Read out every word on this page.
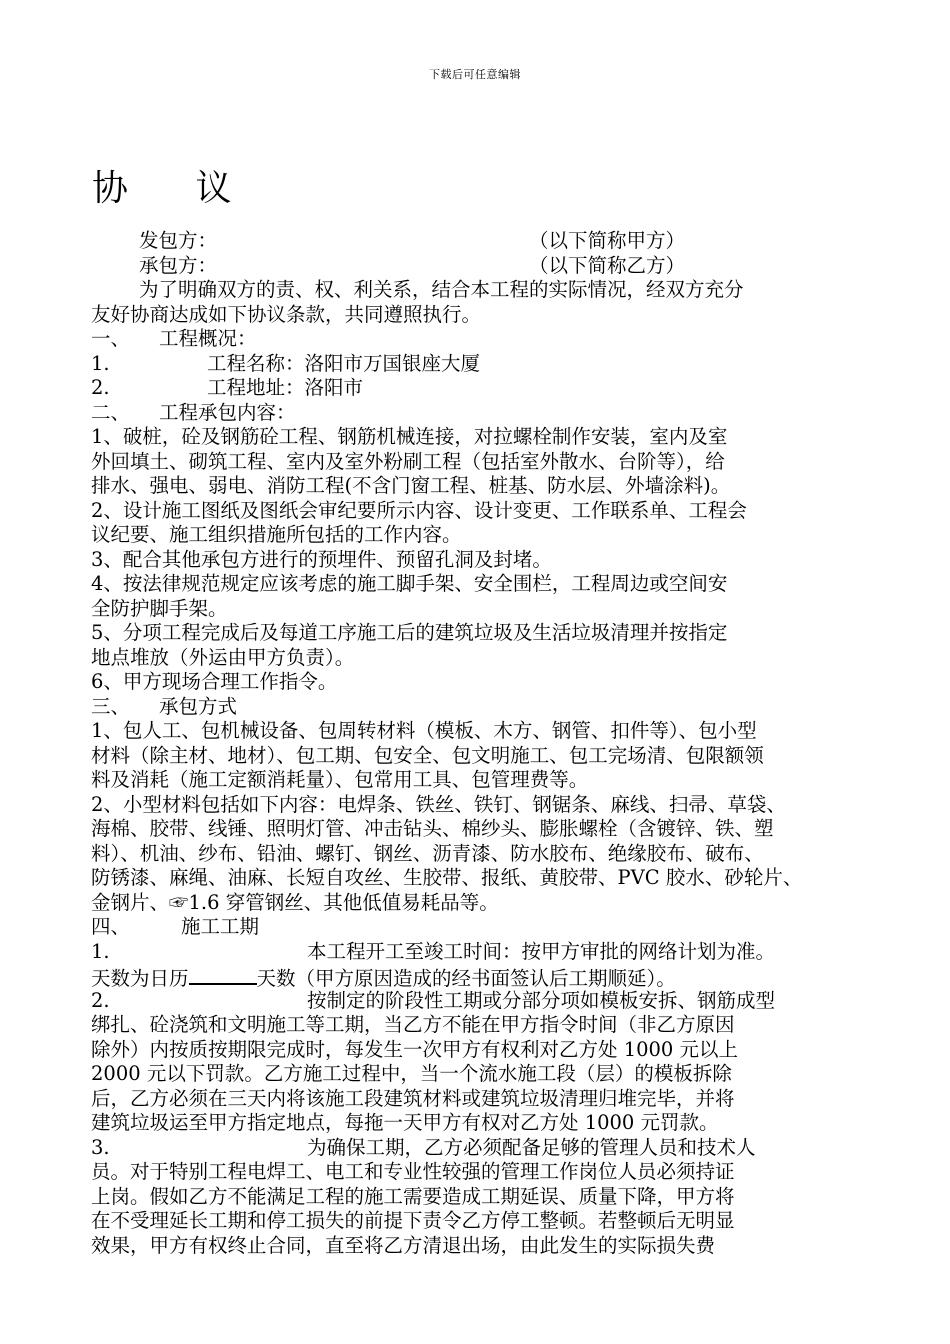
下载后可任意编辑
协 议
发包方：	（以下简称甲方）
承包方：	（以下简称乙方）
为了明确双方的责、权、利关系，结合本工程的实际情况，经双方充分
友好协商达成如下协议条款，共同遵照执行。
一、 工程概况：
1.	工程名称：洛阳市万国银座大厦
2.	工程地址：洛阳市
二、 工程承包内容：
1、破桩，砼及钢筋砼工程、钢筋机械连接，对拉螺栓制作安装，室内及室
外回填土、砌筑工程、室内及室外粉刷工程（包括室外散水、台阶等），给
排水、强电、弱电、消防工程(不含门窗工程、桩基、防水层、外墙涂料)。
2、设计施工图纸及图纸会审纪要所示内容、设计变更、工作联系单、工程会
议纪要、施工组织措施所包括的工作内容。
3、配合其他承包方进行的预埋件、预留孔洞及封堵。
4、按法律规范规定应该考虑的施工脚手架、安全围栏，工程周边或空间安
全防护脚手架。
5、分项工程完成后及每道工序施工后的建筑垃圾及生活垃圾清理并按指定
地点堆放（外运由甲方负责）。
6、甲方现场合理工作指令。
三、 承包方式
1、包人工、包机械设备、包周转材料（模板、木方、钢管、扣件等）、包小型
材料（除主材、地材）、包工期、包安全、包文明施工、包工完场清、包限额领
料及消耗（施工定额消耗量）、包常用工具、包管理费等。
2、小型材料包括如下内容：电焊条、铁丝、铁钉、钢锯条、麻线、扫帚、草袋、
海棉、胶带、线锤、照明灯管、冲击钻头、棉纱头、膨胀螺栓（含镀锌、铁、塑
料）、机油、纱布、铅油、螺钉、钢丝、沥青漆、防水胶布、绝缘胶布、破布、
防锈漆、麻绳、油麻、长短自攻丝、生胶带、报纸、黄胶带、PVC 胶水、砂轮片、
金钢片、☞1.6 穿管钢丝、其他低值易耗品等。
四、	施工工期
1.	本工程开工至竣工时间：按甲方审批的网络计划为准。
天数为日历	天数（甲方原因造成的经书面签认后工期顺延）。
2.	按制定的阶段性工期或分部分项如模板安拆、钢筋成型
绑扎、砼浇筑和文明施工等工期，当乙方不能在甲方指令时间（非乙方原因
除外）内按质按期限完成时，每发生一次甲方有权利对乙方处 1000 元以上
2000 元以下罚款。乙方施工过程中，当一个流水施工段（层）的模板拆除
后，乙方必须在三天内将该施工段建筑材料或建筑垃圾清理归堆完毕，并将
建筑垃圾运至甲方指定地点，每拖一天甲方有权对乙方处 1000 元罚款。
3.	为确保工期，乙方必须配备足够的管理人员和技术人
员。对于特别工程电焊工、电工和专业性较强的管理工作岗位人员必须持证
上岗。假如乙方不能满足工程的施工需要造成工期延误、质量下降，甲方将
在不受理延长工期和停工损失的前提下责令乙方停工整顿。若整顿后无明显
效果，甲方有权终止合同，直至将乙方清退出场，由此发生的实际损失费
